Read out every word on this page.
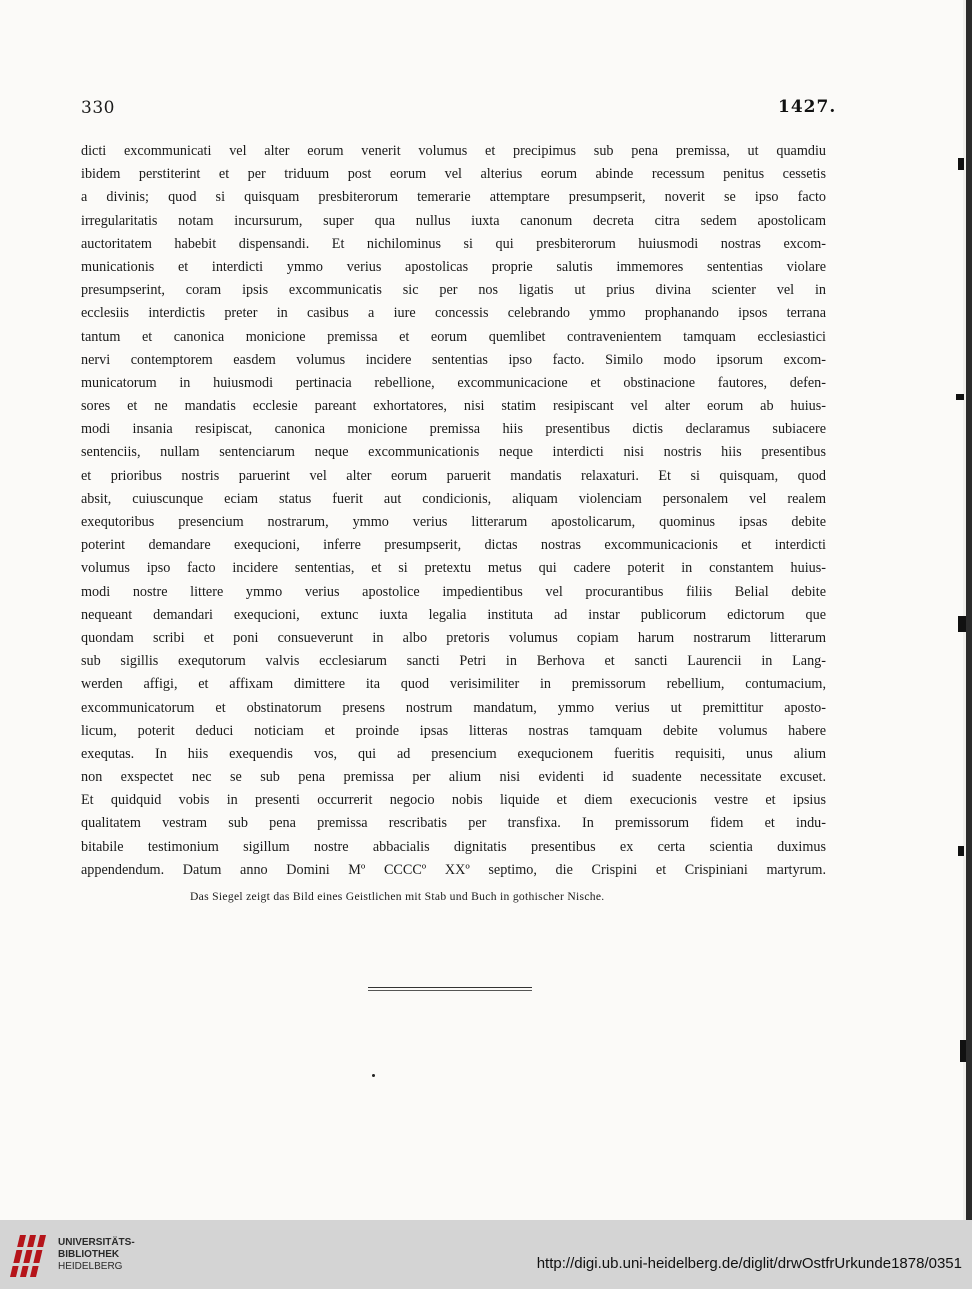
330	1427.
dicti excommunicati vel alter eorum venerit volumus et precipimus sub pena premissa, ut quamdiu
ibidem perstiterint et per triduum post eorum vel alterius eorum abinde recessum penitus cessetis
a divinis; quod si quisquam presbiterorum temerarie attemptare presumpserit, noverit se ipso facto
irregularitatis notam incursurum, super qua nullus iuxta canonum decreta citra sedem apostolicam
auctoritatem habebit dispensandi. Et nichilominus si qui presbiterorum huiusmodi nostras excom-
municationis et interdicti ymmo verius apostolicas proprie salutis immemores sententias violare
presumpserint, coram ipsis excommunicatis sic per nos ligatis ut prius divina scienter vel in
ecclesiis interdictis preter in casibus a iure concessis celebrando ymmo prophanando ipsos terrana
tantum et canonica monicione premissa et eorum quemlibet contravenientem tamquam ecclesiastici
nervi contemptorem easdem volumus incidere sententias ipso facto. Similo modo ipsorum excom-
municatorum in huiusmodi pertinacia rebellione, excommunicacione et obstinacione fautores, defen-
sores et ne mandatis ecclesie pareant exhortatores, nisi statim resipiscant vel alter eorum ab huius-
modi insania resipiscat, canonica monicione premissa hiis presentibus dictis declaramus subiacere
sentenciis, nullam sentenciarum neque excommunicationis neque interdicti nisi nostris hiis presentibus
et prioribus nostris paruerint vel alter eorum paruerit mandatis relaxaturi. Et si quisquam, quod
absit, cuiuscunque eciam status fuerit aut condicionis, aliquam violenciam personalem vel realem
exequtoribus presencium nostrarum, ymmo verius litterarum apostolicarum, quominus ipsas debite
poterint demandare exequcioni, inferre presumpserit, dictas nostras excommunicacionis et interdicti
volumus ipso facto incidere sententias, et si pretextu metus qui cadere poterit in constantem huius-
modi nostre littere ymmo verius apostolice impedientibus vel procurantibus filiis Belial debite
nequeant demandari exequcioni, extunc iuxta legalia instituta ad instar publicorum edictorum que
quondam scribi et poni consueverunt in albo pretoris volumus copiam harum nostrarum litterarum
sub sigillis exequtorum valvis ecclesiarum sancti Petri in Berhova et sancti Laurencii in Lang-
werden affigi, et affixam dimittere ita quod verisimiliter in premissorum rebellium, contumacium,
excommunicatorum et obstinatorum presens nostrum mandatum, ymmo verius ut premittitur aposto-
licum, poterit deduci noticiam et proinde ipsas litteras nostras tamquam debite volumus habere
exequtas. In hiis exequendis vos, qui ad presencium exequcionem fueritis requisiti, unus alium
non exspectet nec se sub pena premissa per alium nisi evidenti id suadente necessitate excuset.
Et quidquid vobis in presenti occurrerit negocio nobis liquide et diem execucionis vestre et ipsius
qualitatem vestram sub pena premissa rescribatis per transfixa. In premissorum fidem et indu-
bitabile testimonium sigillum nostre abbacialis dignitatis presentibus ex certa scientia duximus
appendendum. Datum anno Domini Mº CCCCº XXº septimo, die Crispini et Crispiniani martyrum.
Das Siegel zeigt das Bild eines Geistlichen mit Stab und Buch in gothischer Nische.
UNIVERSITÄTS-
BIBLIOTHEK
HEIDELBERG	http://digi.ub.uni-heidelberg.de/diglit/drwOstfrUrkunde1878/0351
